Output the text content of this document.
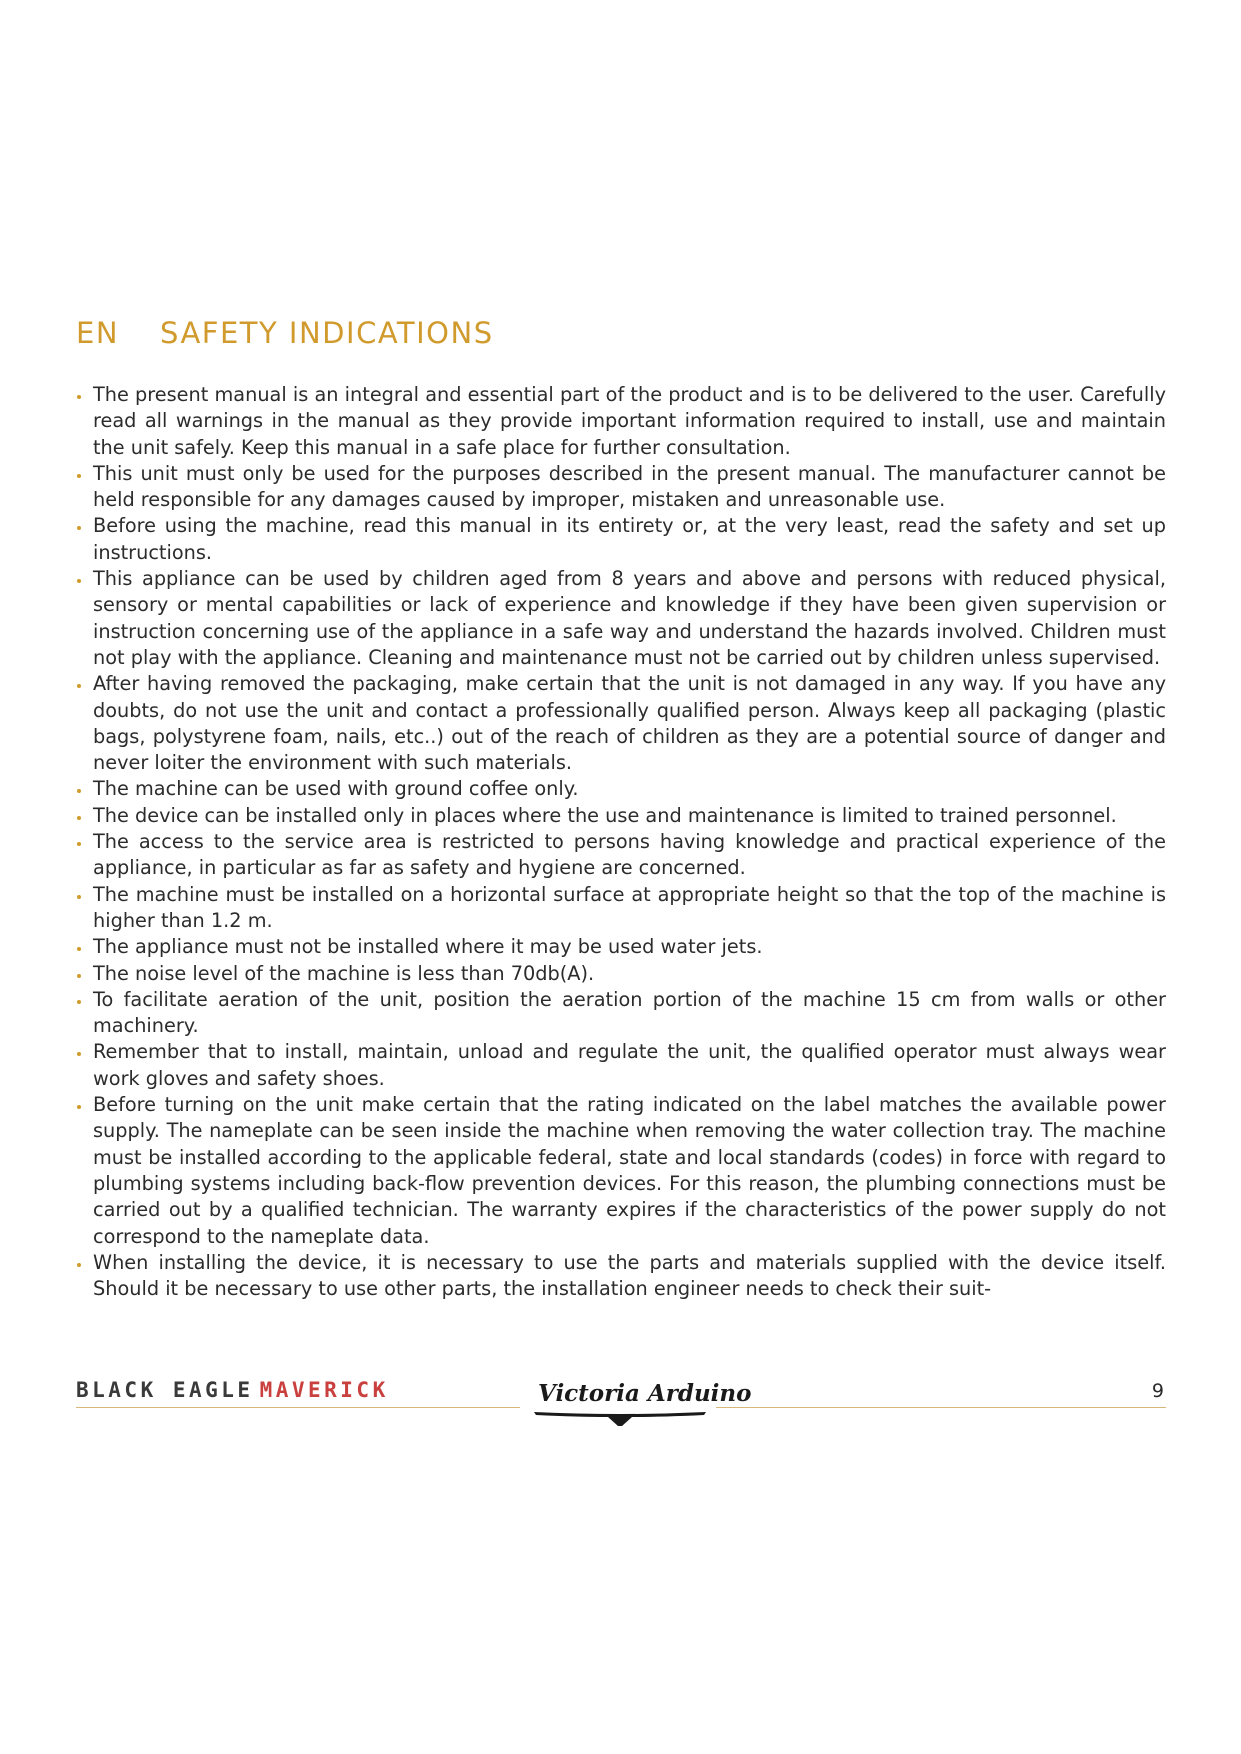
EN SAFETY INDICATIONS
The present manual is an integral and essential part of the product and is to be delivered to the user. Carefully read all warnings in the manual as they provide important information required to install, use and maintain the unit safely. Keep this manual in a safe place for further consultation.
This unit must only be used for the purposes described in the present manual. The manufacturer cannot be held responsible for any damages caused by improper, mistaken and unreasonable use.
Before using the machine, read this manual in its entirety or, at the very least, read the safety and set up instructions.
This appliance can be used by children aged from 8 years and above and persons with reduced physical, sensory or mental capabilities or lack of experience and knowledge if they have been given supervision or instruction concerning use of the appliance in a safe way and understand the hazards involved. Children must not play with the appliance. Cleaning and maintenance must not be carried out by children unless supervised.
After having removed the packaging, make certain that the unit is not damaged in any way. If you have any doubts, do not use the unit and contact a professionally qualified person. Always keep all packaging (plastic bags, polystyrene foam, nails, etc..) out of the reach of children as they are a potential source of danger and never loiter the environment with such materials.
The machine can be used with ground coffee only.
The device can be installed only in places where the use and maintenance is limited to trained personnel.
The access to the service area is restricted to persons having knowledge and practical experience of the appliance, in particular as far as safety and hygiene are concerned.
The machine must be installed on a horizontal surface at appropriate height so that the top of the machine is higher than 1.2 m.
The appliance must not be installed where it may be used water jets.
The noise level of the machine is less than 70db(A).
To facilitate aeration of the unit, position the aeration portion of the machine 15 cm from walls or other machinery.
Remember that to install, maintain, unload and regulate the unit, the qualified operator must always wear work gloves and safety shoes.
Before turning on the unit make certain that the rating indicated on the label matches the available power supply. The nameplate can be seen inside the machine when removing the water collection tray. The machine must be installed according to the applicable federal, state and local standards (codes) in force with regard to plumbing systems including back-flow prevention devices. For this reason, the plumbing connections must be carried out by a qualified technician. The warranty expires if the characteristics of the power supply do not correspond to the nameplate data.
When installing the device, it is necessary to use the parts and materials supplied with the device itself. Should it be necessary to use other parts, the installation engineer needs to check their suit-
BLACK EAGLE MAVERICK	Victoria Arduino	9
